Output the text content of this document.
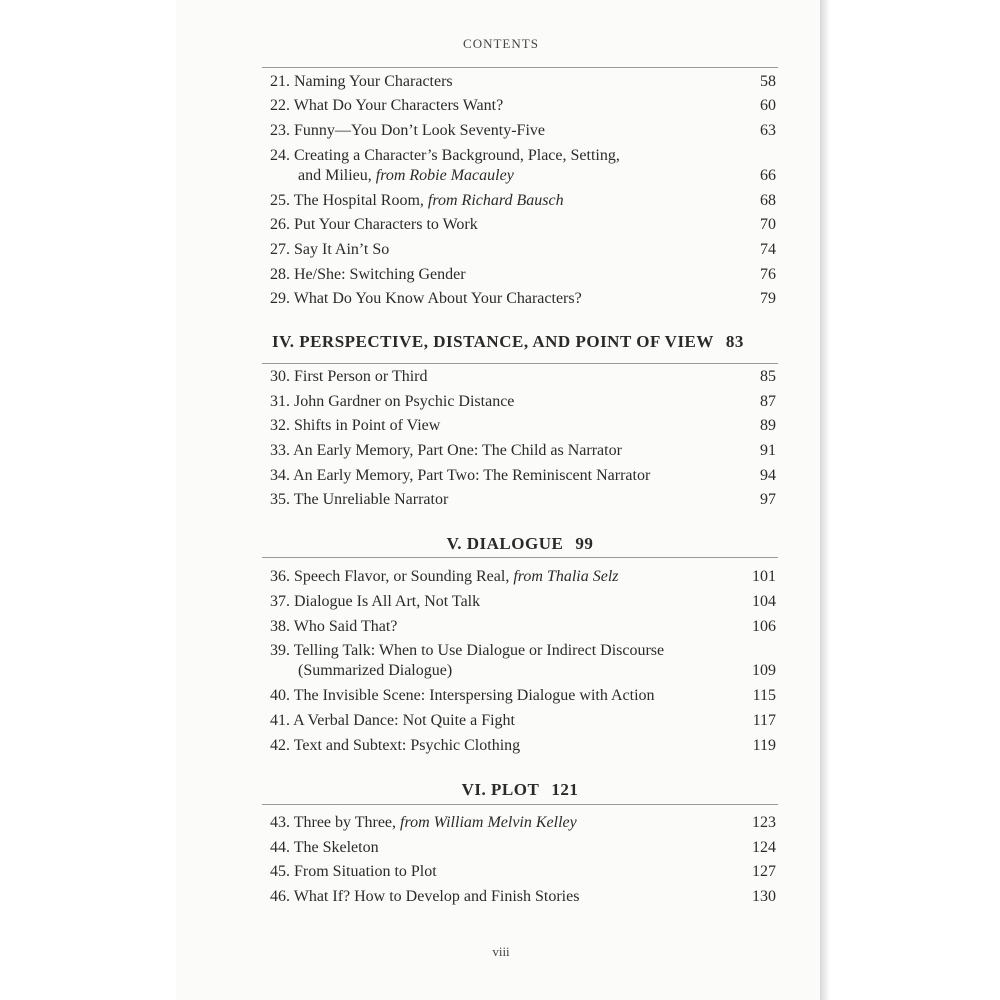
CONTENTS
21. Naming Your Characters	58
22. What Do Your Characters Want?	60
23. Funny—You Don’t Look Seventy-Five	63
24. Creating a Character’s Background, Place, Setting,
and Milieu, from Robie Macauley	66
25. The Hospital Room, from Richard Bausch	68
26. Put Your Characters to Work	70
27. Say It Ain’t So	74
28. He/She: Switching Gender	76
29. What Do You Know About Your Characters?	79
IV. PERSPECTIVE, DISTANCE, AND POINT OF VIEW 83
30. First Person or Third	85
31. John Gardner on Psychic Distance	87
32. Shifts in Point of View	89
33. An Early Memory, Part One: The Child as Narrator	91
34. An Early Memory, Part Two: The Reminiscent Narrator	94
35. The Unreliable Narrator	97
V. DIALOGUE 99
36. Speech Flavor, or Sounding Real, from Thalia Selz	101
37. Dialogue Is All Art, Not Talk	104
38. Who Said That?	106
39. Telling Talk: When to Use Dialogue or Indirect Discourse
(Summarized Dialogue)	109
40. The Invisible Scene: Interspersing Dialogue with Action	115
41. A Verbal Dance: Not Quite a Fight	117
42. Text and Subtext: Psychic Clothing	119
VI. PLOT 121
43. Three by Three, from William Melvin Kelley	123
44. The Skeleton	124
45. From Situation to Plot	127
46. What If? How to Develop and Finish Stories	130
viii
